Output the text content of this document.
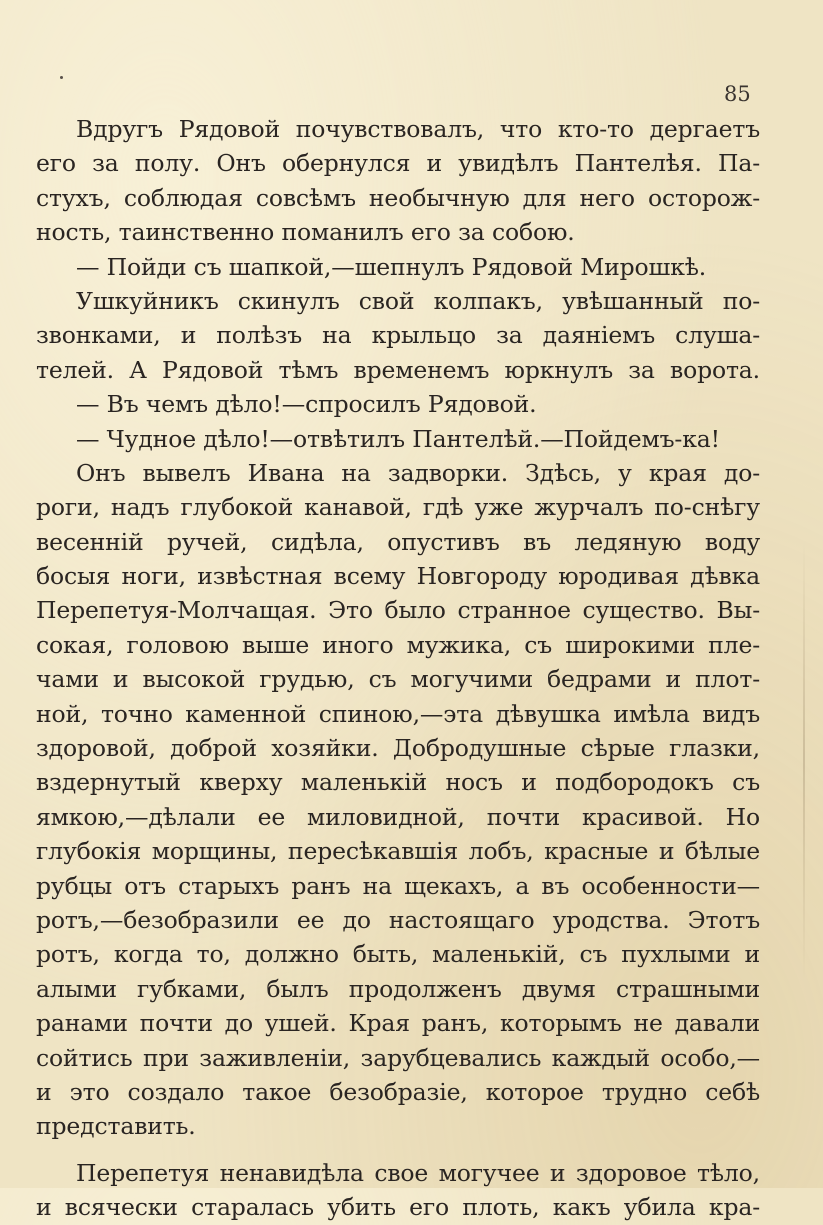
85
Вдругъ Рядовой почувствовалъ, что кто-то дергаетъ
его за полу. Онъ обернулся и увидѣлъ Пантелѣя. Па-
стухъ, соблюдая совсѣмъ необычную для него осторож-
ность, таинственно поманилъ его за собою.
— Пойди съ шапкой,—шепнулъ Рядовой Мирошкѣ.
Ушкуйникъ скинулъ свой колпакъ, увѣшанный по-
звонками, и полѣзъ на крыльцо за даяніемъ слуша-
телей. А Рядовой тѣмъ временемъ юркнулъ за ворота.
— Въ чемъ дѣло!—спросилъ Рядовой.
— Чудное дѣло!—отвѣтилъ Пантелѣй.—Пойдемъ-ка!
Онъ вывелъ Ивана на задворки. Здѣсь, у края до-
роги, надъ глубокой канавой, гдѣ уже журчалъ по-снѣгу
весенній ручей, сидѣла, опустивъ въ ледяную воду
босыя ноги, извѣстная всему Новгороду юродивая дѣвка
Перепетуя-Молчащая. Это было странное существо. Вы-
сокая, головою выше иного мужика, съ широкими пле-
чами и высокой грудью, съ могучими бедрами и плот-
ной, точно каменной спиною,—эта дѣвушка имѣла видъ
здоровой, доброй хозяйки. Добродушные сѣрые глазки,
вздернутый кверху маленькій носъ и подбородокъ съ
ямкою,—дѣлали ее миловидной, почти красивой. Но
глубокія морщины, пересѣкавшія лобъ, красные и бѣлые
рубцы отъ старыхъ ранъ на щекахъ, а въ особенности—
ротъ,—безобразили ее до настоящаго уродства. Этотъ
ротъ, когда то, должно быть, маленькій, съ пухлыми и
алыми губками, былъ продолженъ двумя страшными
ранами почти до ушей. Края ранъ, которымъ не давали
сойтись при заживленіи, зарубцевались каждый особо,—
и это создало такое безобразіе, которое трудно себѣ
представить.
Перепетуя ненавидѣла свое могучее и здоровое тѣло,
и всячески старалась убить его плоть, какъ убила кра-
